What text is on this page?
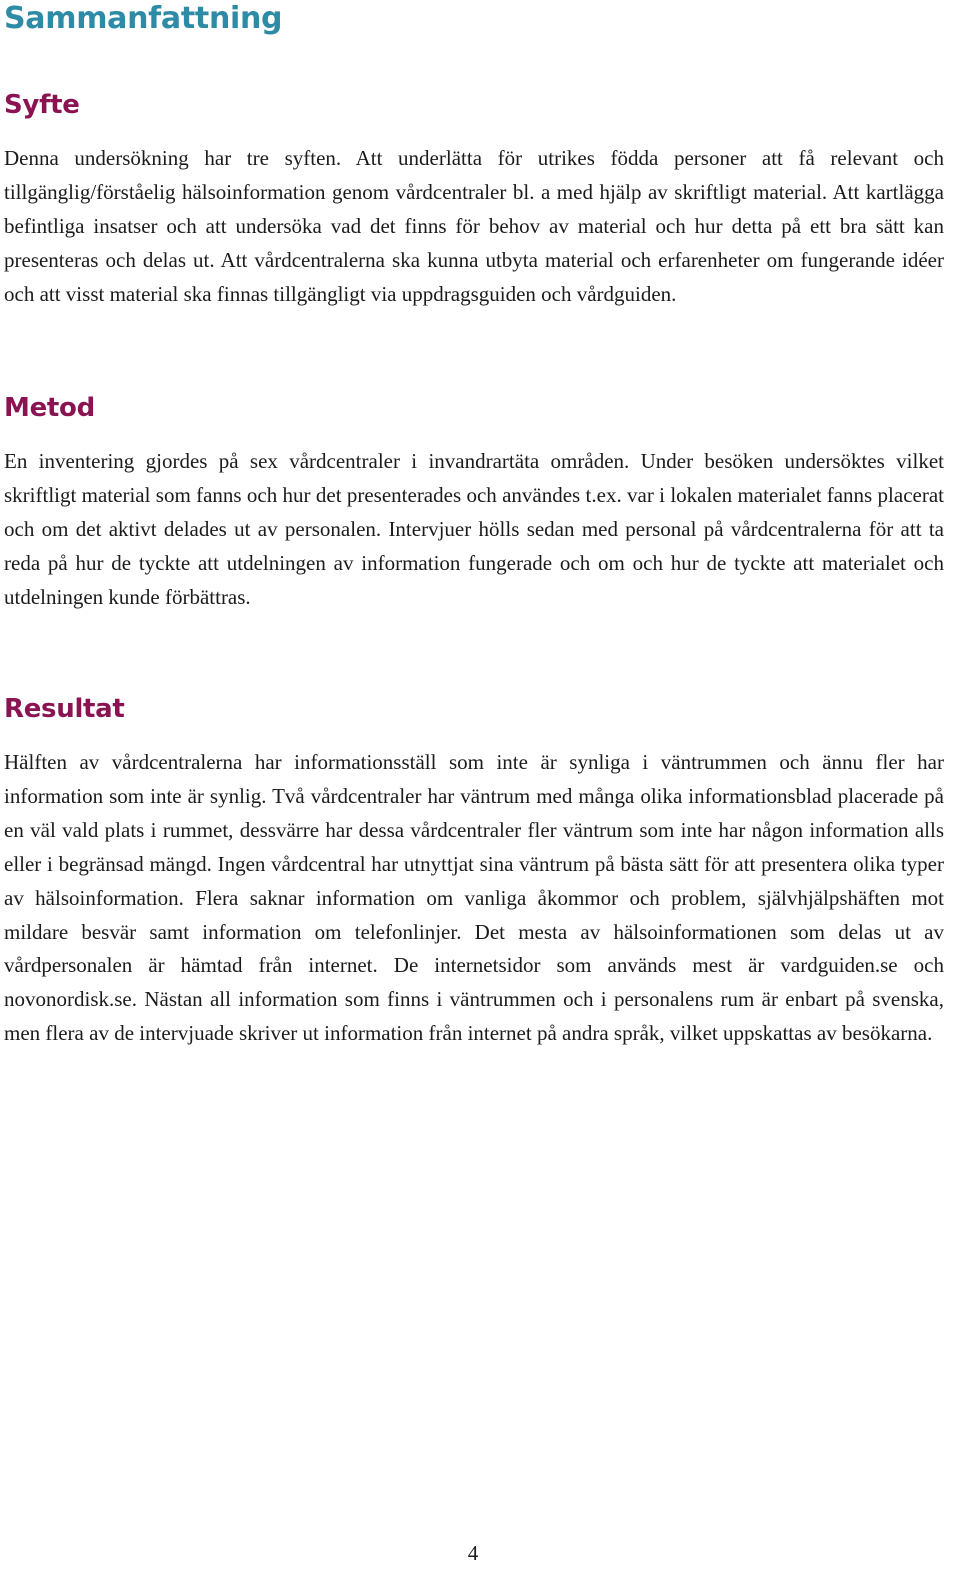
Sammanfattning
Syfte

Denna undersökning har tre syften. Att underlätta för utrikes födda personer att få relevant och tillgänglig/förståelig hälsoinformation genom vårdcentraler bl. a med hjälp av skriftligt material. Att kartlägga befintliga insatser och att undersöka vad det finns för behov av material och hur detta på ett bra sätt kan presenteras och delas ut. Att vårdcentralerna ska kunna utbyta material och erfarenheter om fungerande idéer och att visst material ska finnas tillgängligt via uppdragsguiden och vårdguiden.

Metod

En inventering gjordes på sex vårdcentraler i invandrartäta områden. Under besöken undersöktes vilket skriftligt material som fanns och hur det presenterades och användes t.ex. var i lokalen materialet fanns placerat och om det aktivt delades ut av personalen. Intervjuer hölls sedan med personal på vårdcentralerna för att ta reda på hur de tyckte att utdelningen av information fungerade och om och hur de tyckte att materialet och utdelningen kunde förbättras.

Resultat

Hälften av vårdcentralerna har informationsställ som inte är synliga i väntrummen och ännu fler har information som inte är synlig. Två vårdcentraler har väntrum med många olika informationsblad placerade på en väl vald plats i rummet, dessvärre har dessa vårdcentraler fler väntrum som inte har någon information alls eller i begränsad mängd. Ingen vårdcentral har utnyttjat sina väntrum på bästa sätt för att presentera olika typer av hälsoinformation. Flera saknar information om vanliga åkommor och problem, självhjälpshäften mot mildare besvär samt information om telefonlinjer. Det mesta av hälsoinformationen som delas ut av vårdpersonalen är hämtad från internet. De internetsidor som används mest är vardguiden.se och novonordisk.se. Nästan all information som finns i väntrummen och i personalens rum är enbart på svenska, men flera av de intervjuade skriver ut information från internet på andra språk, vilket uppskattas av besökarna.

4
